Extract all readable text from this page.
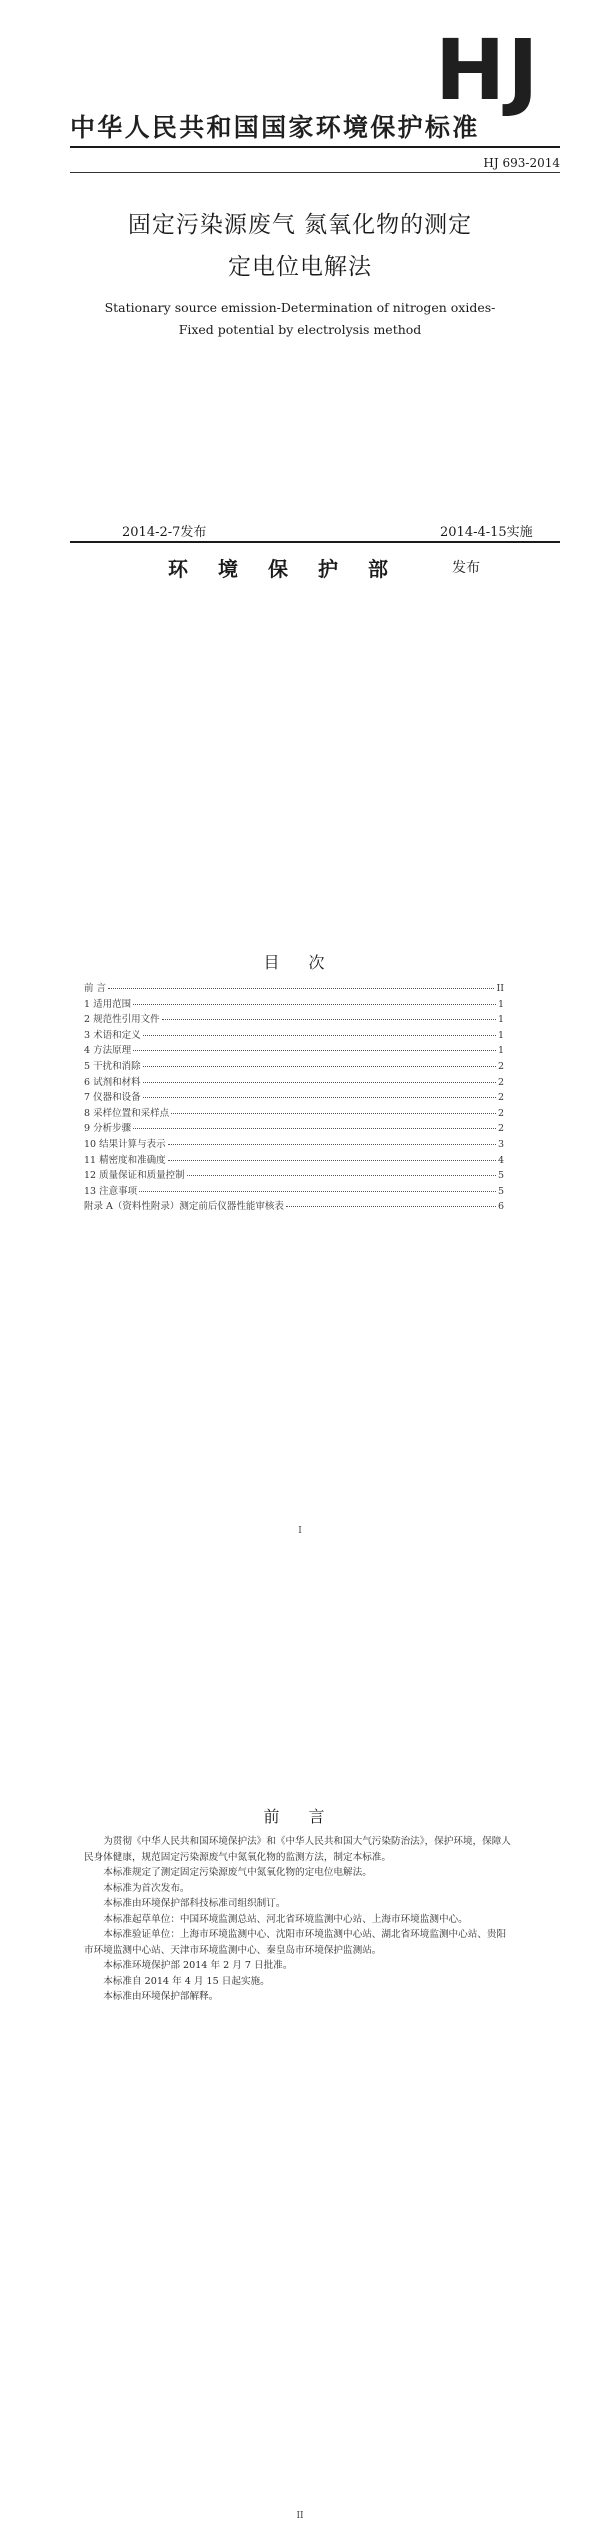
HJ
中华人民共和国国家环境保护标准
HJ 693-2014
固定污染源废气 氮氧化物的测定
定电位电解法
Stationary source emission-Determination of nitrogen oxides-
Fixed potential by electrolysis method
2014-2-7发布	2014-4-15实施
环境保护部 发布
目 次
前 言	II
1 适用范围	1
2 规范性引用文件	1
3 术语和定义	1
4 方法原理	1
5 干扰和消除	2
6 试剂和材料	2
7 仪器和设备	2
8 采样位置和采样点	2
9 分析步骤	2
10 结果计算与表示	3
11 精密度和准确度	4
12 质量保证和质量控制	5
13 注意事项	5
附录 A（资料性附录）测定前后仪器性能审核表	6
I
前 言

为贯彻《中华人民共和国环境保护法》和《中华人民共和国大气污染防治法》，保护环境，保障人民身体健康，规范固定污染源废气中氮氧化物的监测方法，制定本标准。

本标准规定了测定固定污染源废气中氮氧化物的定电位电解法。

本标准为首次发布。

本标准由环境保护部科技标准司组织制订。

本标准起草单位：中国环境监测总站、河北省环境监测中心站、上海市环境监测中心。

本标准验证单位：上海市环境监测中心、沈阳市环境监测中心站、湖北省环境监测中心站、贵阳市环境监测中心站、天津市环境监测中心、秦皇岛市环境保护监测站。

本标准环境保护部 2014 年 2 月 7 日批准。

本标准自 2014 年 4 月 15 日起实施。

本标准由环境保护部解释。

II
